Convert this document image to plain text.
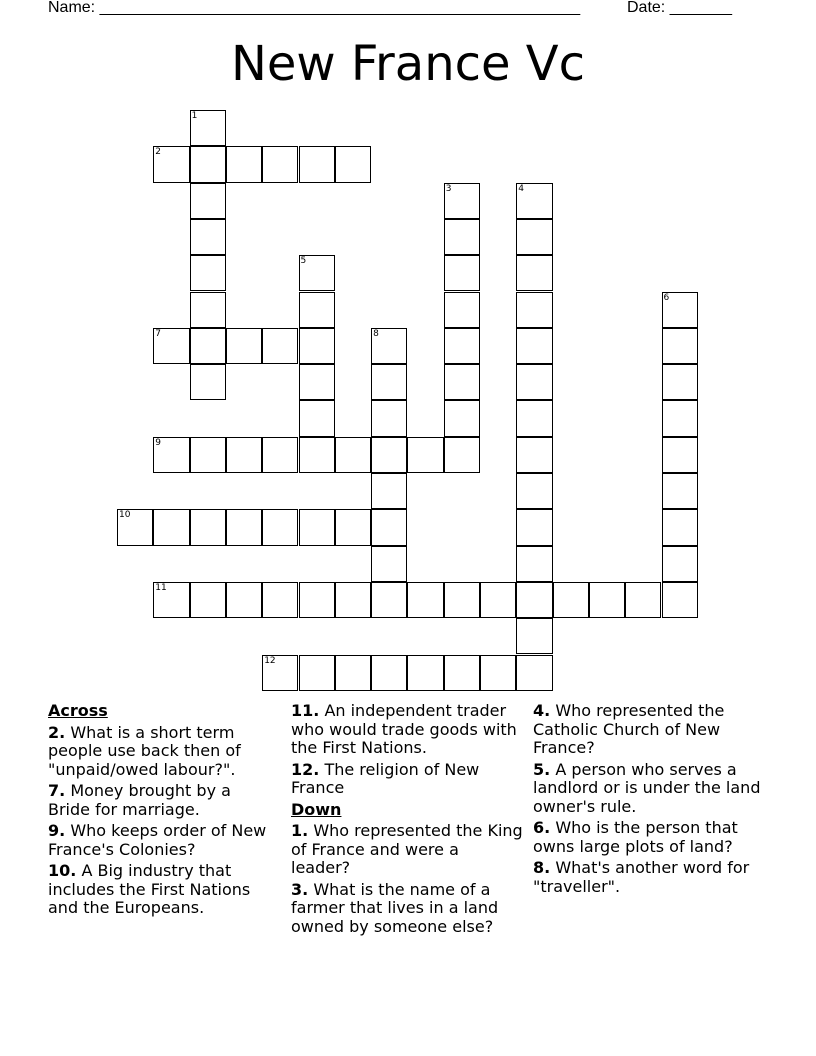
Name: ______________________________________________________	Date: _______
New France Vc
1
2
3	4
5
6
7	8
9
10
11
12
Across
2. What is a short term people use back then of "unpaid/owed labour?".
7. Money brought by a Bride for marriage.
9. Who keeps order of New France's Colonies?
10. A Big industry that includes the First Nations and the Europeans.
11. An independent trader who would trade goods with the First Nations.
12. The religion of New France
Down
1. Who represented the King of France and were a leader?
3. What is the name of a farmer that lives in a land owned by someone else?
4. Who represented the Catholic Church of New France?
5. A person who serves a landlord or is under the land owner's rule.
6. Who is the person that owns large plots of land?
8. What's another word for "traveller".
